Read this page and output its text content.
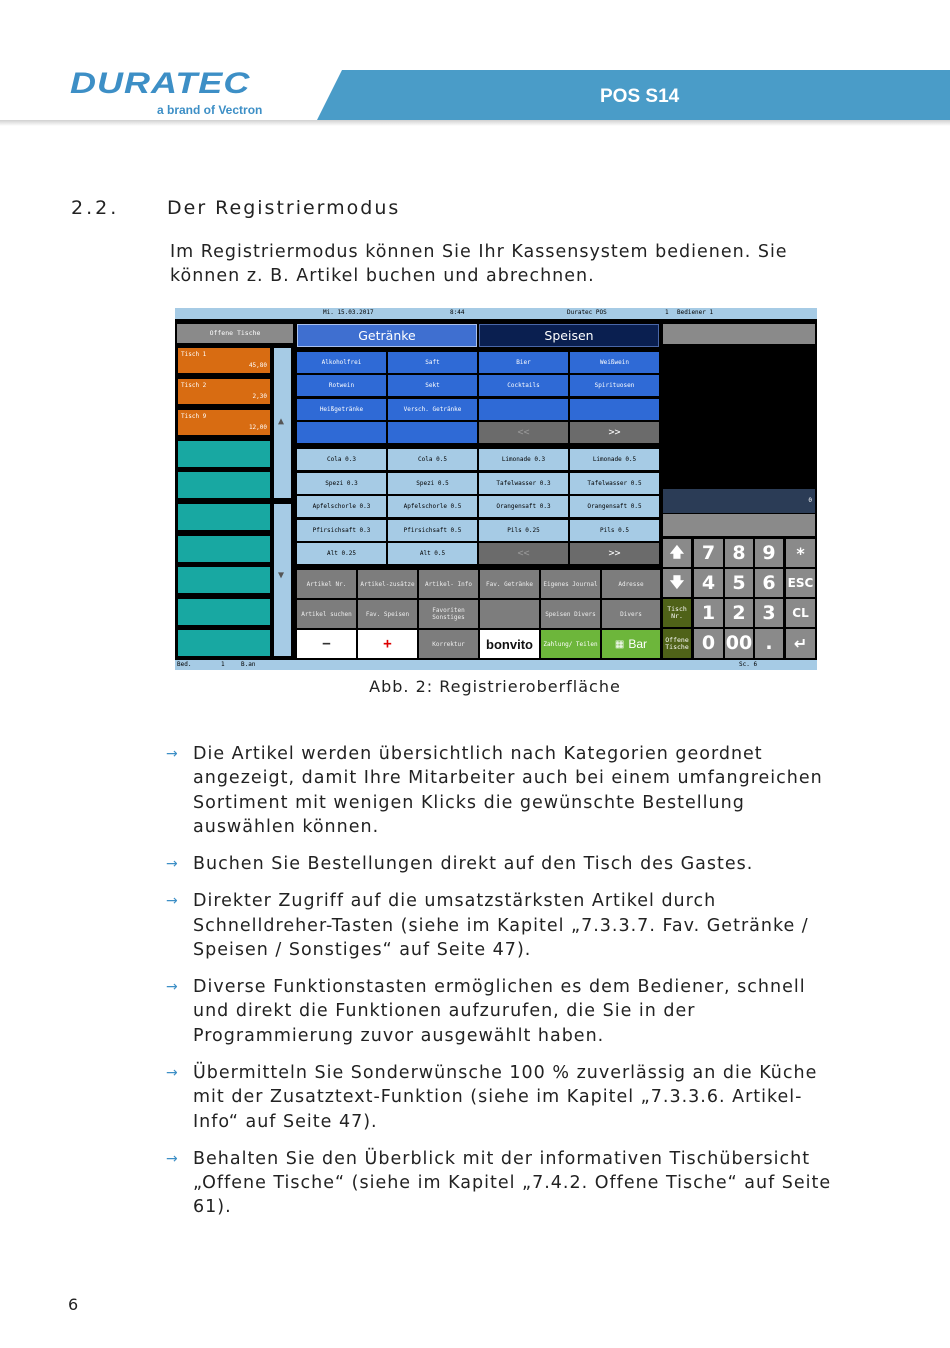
DURATEC
a brand of Vectron
POS S14
2.2.	Der Registriermodus

Im Registriermodus können Sie Ihr Kassensystem bedienen. Sie können z. B. Artikel buchen und abrechnen.

Mi. 15.03.2017	8:44	Duratec POS	1 Bediener 1
Offene Tische
Tisch 1
45,80
Tisch 2
2,30
Tisch 9
12,00
▲
▼
Getränke	Speisen
Alkoholfrei	Saft	Bier	Weißwein
Rotwein	Sekt	Cocktails	Spirituosen
Heißgetränke	Versch. Getränke
<<	>>
Cola 0.3	Cola 0.5	Limonade 0.3	Limonade 0.5
Spezi 0.3	Spezi 0.5	Tafelwasser 0.3	Tafelwasser 0.5
Apfelschorle 0.3	Apfelschorle 0.5	Orangensaft 0.3	Orangensaft 0.5
Pfirsichsaft 0.3	Pfirsichsaft 0.5	Pils 0.25	Pils 0.5
Alt 0.25	Alt 0.5	<<	>>
Artikel Nr.	Artikel-zusätze	Artikel- Info	Fav. Getränke	Eigenes Journal	Adresse
Artikel suchen	Fav. Speisen	Favoriten Sonstiges	Speisen Divers	Divers
−	+	Korrektur	bonvito	Zahlung/ Teilen ▦ Bar
0
🡅 7 8 9	*
🡇 4 5 6	ESC
Tisch Nr.	1 2 3	CL
Offene Tische 0 00 .	↵
Bed.	1	B.an	Sc. 6
Abb. 2: Registrieroberfläche
→ Die Artikel werden übersichtlich nach Kategorien geordnet angezeigt, damit Ihre Mitarbeiter auch bei einem umfangreichen Sortiment mit wenigen Klicks die gewünschte Bestellung auswählen können.
→ Buchen Sie Bestellungen direkt auf den Tisch des Gastes.
→ Direkter Zugriff auf die umsatzstärksten Artikel durch Schnelldreher-Tasten (siehe im Kapitel „7.3.3.7. Fav. Getränke / Speisen / Sonstiges“ auf Seite 47).
→ Diverse Funktionstasten ermöglichen es dem Bediener, schnell und direkt die Funktionen aufzurufen, die Sie in der Programmierung zuvor ausgewählt haben.
→ Übermitteln Sie Sonderwünsche 100 % zuverlässig an die Küche mit der Zusatztext-Funktion (siehe im Kapitel „7.3.3.6. Artikel-Info“ auf Seite 47).
→ Behalten Sie den Überblick mit der informativen Tischübersicht „Offene Tische“ (siehe im Kapitel „7.4.2. Offene Tische“ auf Seite 61).
6
